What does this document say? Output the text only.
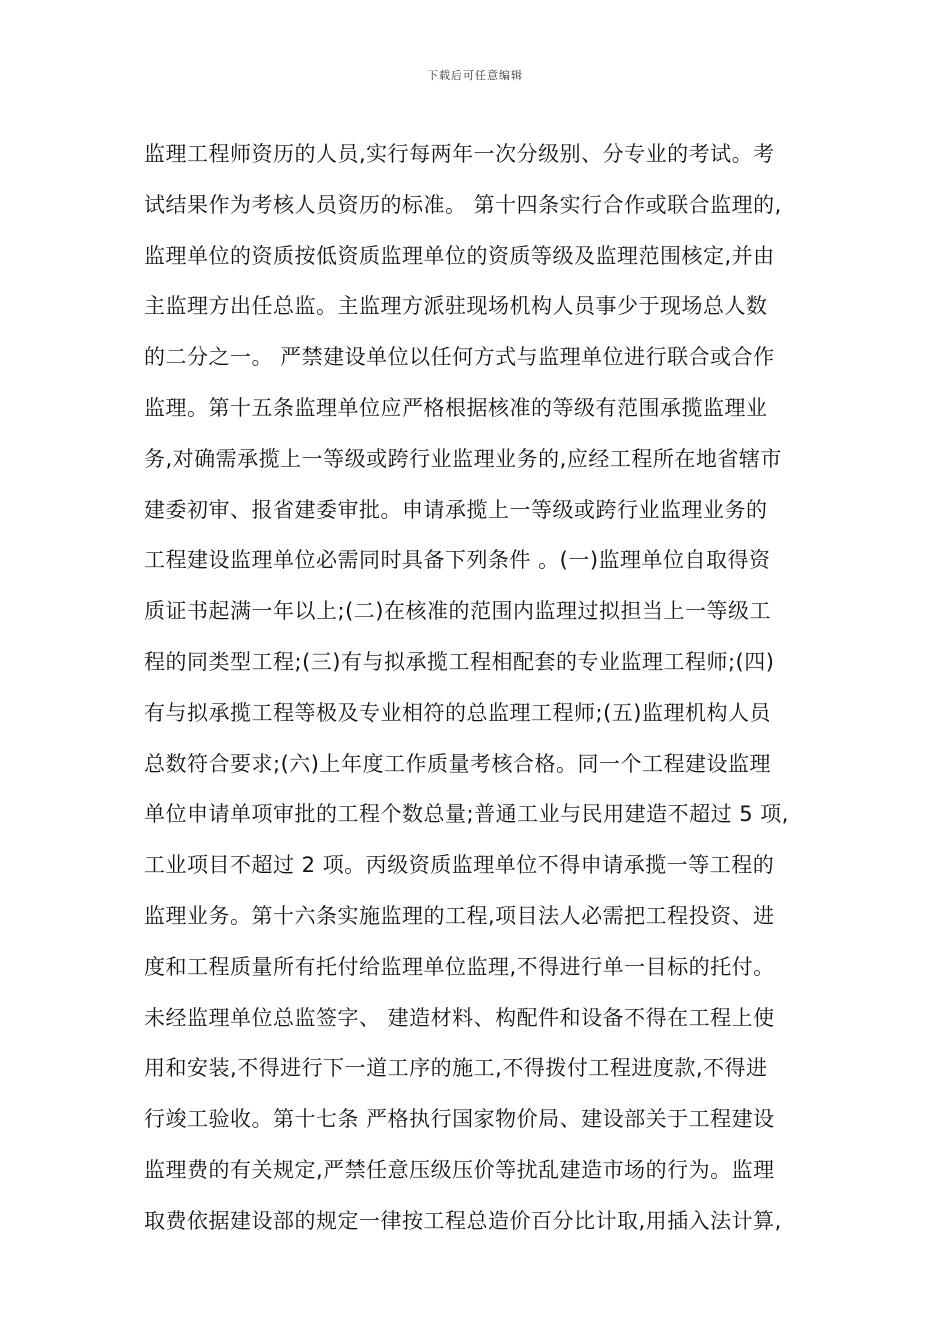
下载后可任意编辑
监理工程师资历的人员,实行每两年一次分级别、分专业的考试。考
试结果作为考核人员资历的标准。 第十四条实行合作或联合监理的,
监理单位的资质按低资质监理单位的资质等级及监理范围核定,并由
主监理方出任总监。主监理方派驻现场机构人员事少于现场总人数
的二分之一。 严禁建设单位以任何方式与监理单位进行联合或合作
监理。第十五条监理单位应严格根据核准的等级有范围承揽监理业
务,对确需承揽上一等级或跨行业监理业务的,应经工程所在地省辖市
建委初审、报省建委审批。申请承揽上一等级或跨行业监理业务的
工程建设监理单位必需同时具备下列条件 。(一)监理单位自取得资
质证书起满一年以上;(二)在核准的范围内监理过拟担当上一等级工
程的同类型工程;(三)有与拟承揽工程相配套的专业监理工程师;(四)
有与拟承揽工程等极及专业相符的总监理工程师;(五)监理机构人员
总数符合要求;(六)上年度工作质量考核合格。同一个工程建设监理
单位申请单项审批的工程个数总量;普通工业与民用建造不超过 5 项,
工业项目不超过 2 项。丙级资质监理单位不得申请承揽一等工程的
监理业务。第十六条实施监理的工程,项目法人必需把工程投资、进
度和工程质量所有托付给监理单位监理,不得进行单一目标的托付。
未经监理单位总监签字、 建造材料、构配件和设备不得在工程上使
用和安装,不得进行下一道工序的施工,不得拨付工程进度款,不得进
行竣工验收。第十七条 严格执行国家物价局、建设部关于工程建设
监理费的有关规定,严禁任意压级压价等扰乱建造市场的行为。监理
取费依据建设部的规定一律按工程总造价百分比计取,用插入法计算,
